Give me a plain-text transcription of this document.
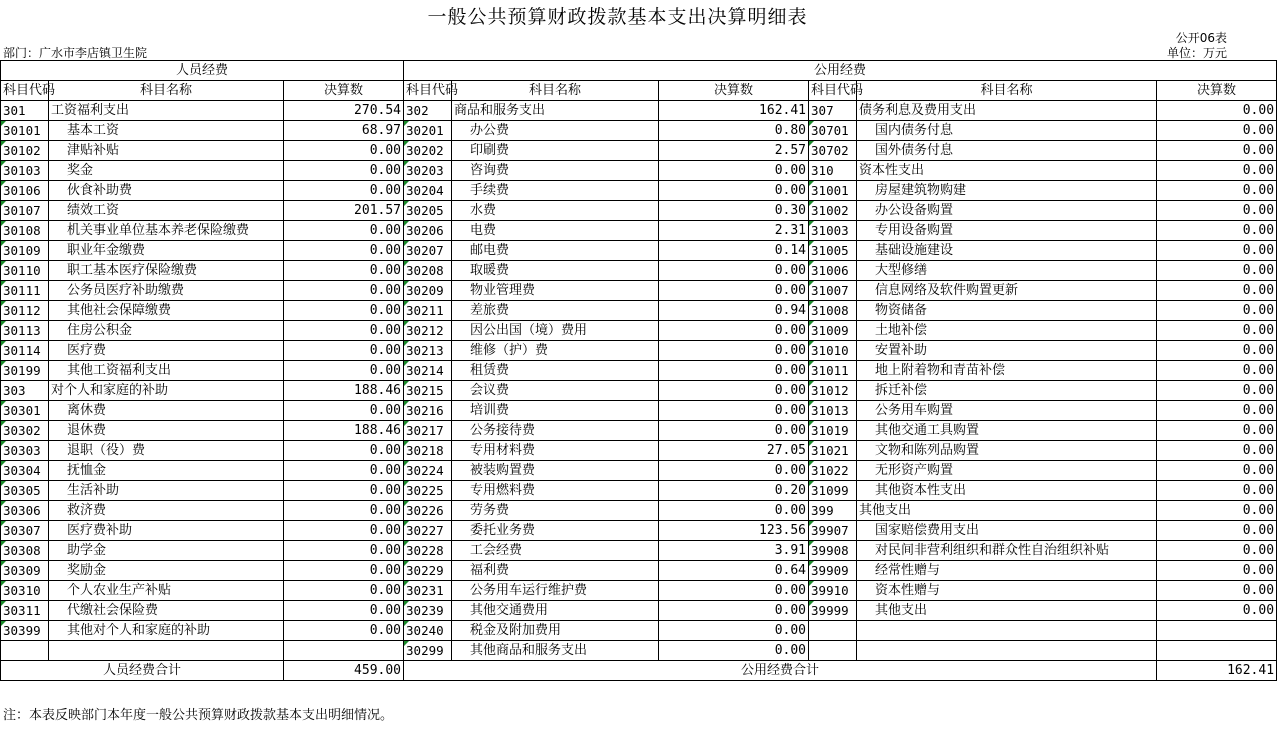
一般公共预算财政拨款基本支出决算明细表
公开06表
部门：广水市李店镇卫生院	单位：万元
人员经费			公用经费					
科目代码	科目名称	决算数	科目代码	科目名称	决算数	科目代码	科目名称	决算数
301	工资福利支出	270.54	302	商品和服务支出	162.41	307	债务利息及费用支出	0.00
30101	基本工资	68.97	30201	办公费	0.80	30701	国内债务付息	0.00
30102	津贴补贴	0.00	30202	印刷费	2.57	30702	国外债务付息	0.00
30103	奖金	0.00	30203	咨询费	0.00	310	资本性支出	0.00
30106	伙食补助费	0.00	30204	手续费	0.00	31001	房屋建筑物购建	0.00
30107	绩效工资	201.57	30205	水费	0.30	31002	办公设备购置	0.00
30108	机关事业单位基本养老保险缴费	0.00	30206	电费	2.31	31003	专用设备购置	0.00
30109	职业年金缴费	0.00	30207	邮电费	0.14	31005	基础设施建设	0.00
30110	职工基本医疗保险缴费	0.00	30208	取暖费	0.00	31006	大型修缮	0.00
30111	公务员医疗补助缴费	0.00	30209	物业管理费	0.00	31007	信息网络及软件购置更新	0.00
30112	其他社会保障缴费	0.00	30211	差旅费	0.94	31008	物资储备	0.00
30113	住房公积金	0.00	30212	因公出国（境）费用	0.00	31009	土地补偿	0.00
30114	医疗费	0.00	30213	维修（护）费	0.00	31010	安置补助	0.00
30199	其他工资福利支出	0.00	30214	租赁费	0.00	31011	地上附着物和青苗补偿	0.00
303	对个人和家庭的补助	188.46	30215	会议费	0.00	31012	拆迁补偿	0.00
30301	离休费	0.00	30216	培训费	0.00	31013	公务用车购置	0.00
30302	退休费	188.46	30217	公务接待费	0.00	31019	其他交通工具购置	0.00
30303	退职（役）费	0.00	30218	专用材料费	27.05	31021	文物和陈列品购置	0.00
30304	抚恤金	0.00	30224	被装购置费	0.00	31022	无形资产购置	0.00
30305	生活补助	0.00	30225	专用燃料费	0.20	31099	其他资本性支出	0.00
30306	救济费	0.00	30226	劳务费	0.00	399	其他支出	0.00
30307	医疗费补助	0.00	30227	委托业务费	123.56	39907	国家赔偿费用支出	0.00
30308	助学金	0.00	30228	工会经费	3.91	39908	对民间非营利组织和群众性自治组织补贴	0.00
30309	奖励金	0.00	30229	福利费	0.64	39909	经常性赠与	0.00
30310	个人农业生产补贴	0.00	30231	公务用车运行维护费	0.00	39910	资本性赠与	0.00
30311	代缴社会保险费	0.00	30239	其他交通费用	0.00	39999	其他支出	0.00
30399	其他对个人和家庭的补助	0.00	30240	税金及附加费用	0.00			
			30299	其他商品和服务支出	0.00			
人员经费合计		459.00	公用经费合计					162.41
注：本表反映部门本年度一般公共预算财政拨款基本支出明细情况。
